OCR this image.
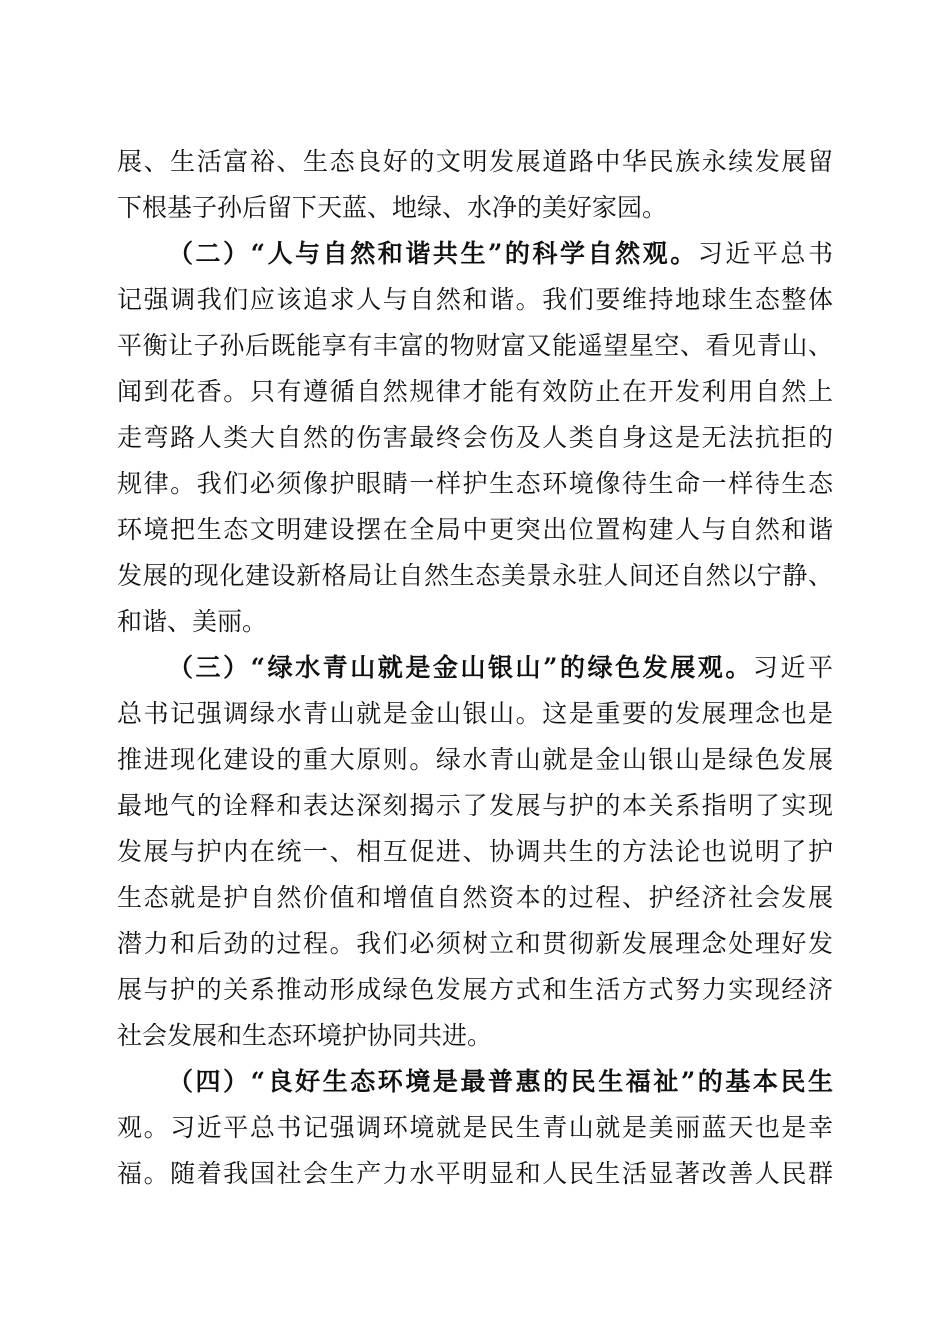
展、生活富裕、生态良好的文明发展道路中华民族永续发展留
下根基子孙后留下天蓝、地绿、水净的美好家园。
（二）“人与自然和谐共生”的科学自然观。习近平总书
记强调我们应该追求人与自然和谐。我们要维持地球生态整体
平衡让子孙后既能享有丰富的物财富又能遥望星空、看见青山、
闻到花香。只有遵循自然规律才能有效防止在开发利用自然上
走弯路人类大自然的伤害最终会伤及人类自身这是无法抗拒的
规律。我们必须像护眼睛一样护生态环境像待生命一样待生态
环境把生态文明建设摆在全局中更突出位置构建人与自然和谐
发展的现化建设新格局让自然生态美景永驻人间还自然以宁静、
和谐、美丽。
（三）“绿水青山就是金山银山”的绿色发展观。习近平
总书记强调绿水青山就是金山银山。这是重要的发展理念也是
推进现化建设的重大原则。绿水青山就是金山银山是绿色发展
最地气的诠释和表达深刻揭示了发展与护的本关系指明了实现
发展与护内在统一、相互促进、协调共生的方法论也说明了护
生态就是护自然价值和增值自然资本的过程、护经济社会发展
潜力和后劲的过程。我们必须树立和贯彻新发展理念处理好发
展与护的关系推动形成绿色发展方式和生活方式努力实现经济
社会发展和生态环境护协同共进。
（四）“良好生态环境是最普惠的民生福祉”的基本民生
观。习近平总书记强调环境就是民生青山就是美丽蓝天也是幸
福。随着我国社会生产力水平明显和人民生活显著改善人民群
